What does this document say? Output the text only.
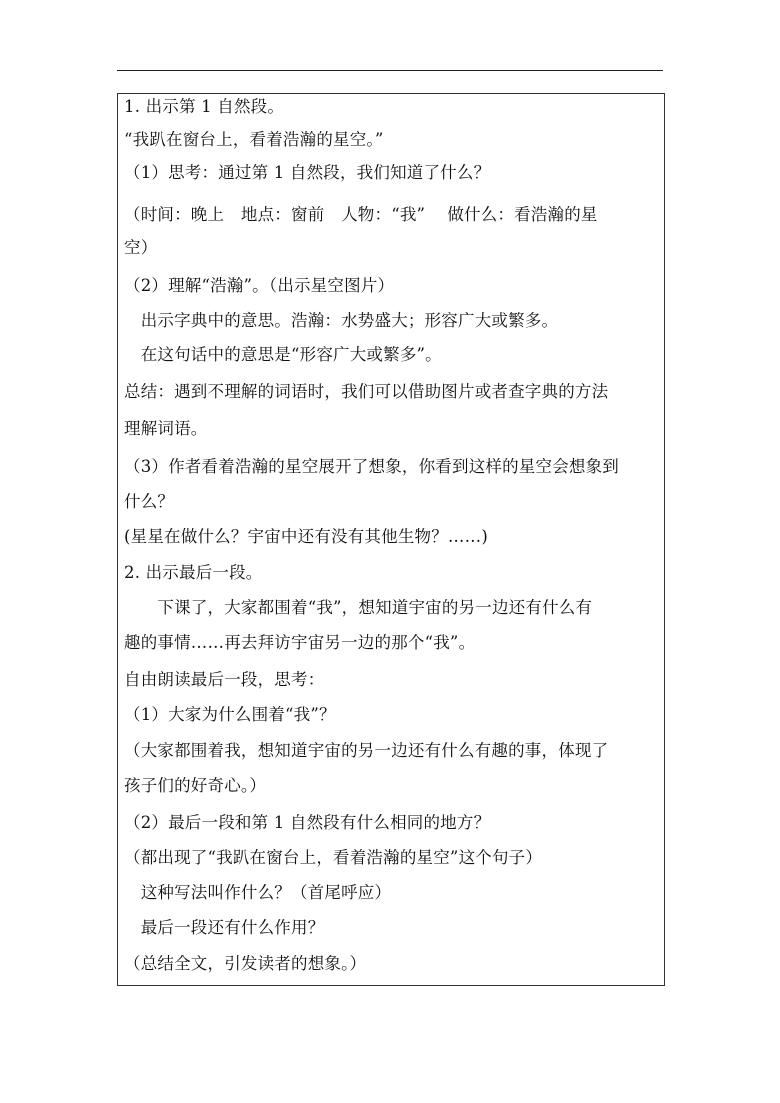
1. 出示第 1 自然段。
“我趴在窗台上，看着浩瀚的星空。”
（1）思考：通过第 1 自然段，我们知道了什么？
（时间：晚上　地点：窗前　人物：“我”　 做什么：看浩瀚的星
空）
（2）理解“浩瀚”。（出示星空图片）
　出示字典中的意思。浩瀚：水势盛大；形容广大或繁多。
　在这句话中的意思是“形容广大或繁多”。
总结：遇到不理解的词语时，我们可以借助图片或者查字典的方法
理解词语。
（3）作者看着浩瀚的星空展开了想象，你看到这样的星空会想象到
什么？
(星星在做什么？宇宙中还有没有其他生物？……)
2. 出示最后一段。
　　下课了，大家都围着“我”，想知道宇宙的另一边还有什么有
趣的事情……再去拜访宇宙另一边的那个“我”。
自由朗读最后一段，思考：
（1）大家为什么围着“我”？
（大家都围着我，想知道宇宙的另一边还有什么有趣的事，体现了
孩子们的好奇心。）
（2）最后一段和第 1 自然段有什么相同的地方？
（都出现了“我趴在窗台上，看着浩瀚的星空”这个句子）
　这种写法叫作什么？（首尾呼应）
　最后一段还有什么作用？
（总结全文，引发读者的想象。）
